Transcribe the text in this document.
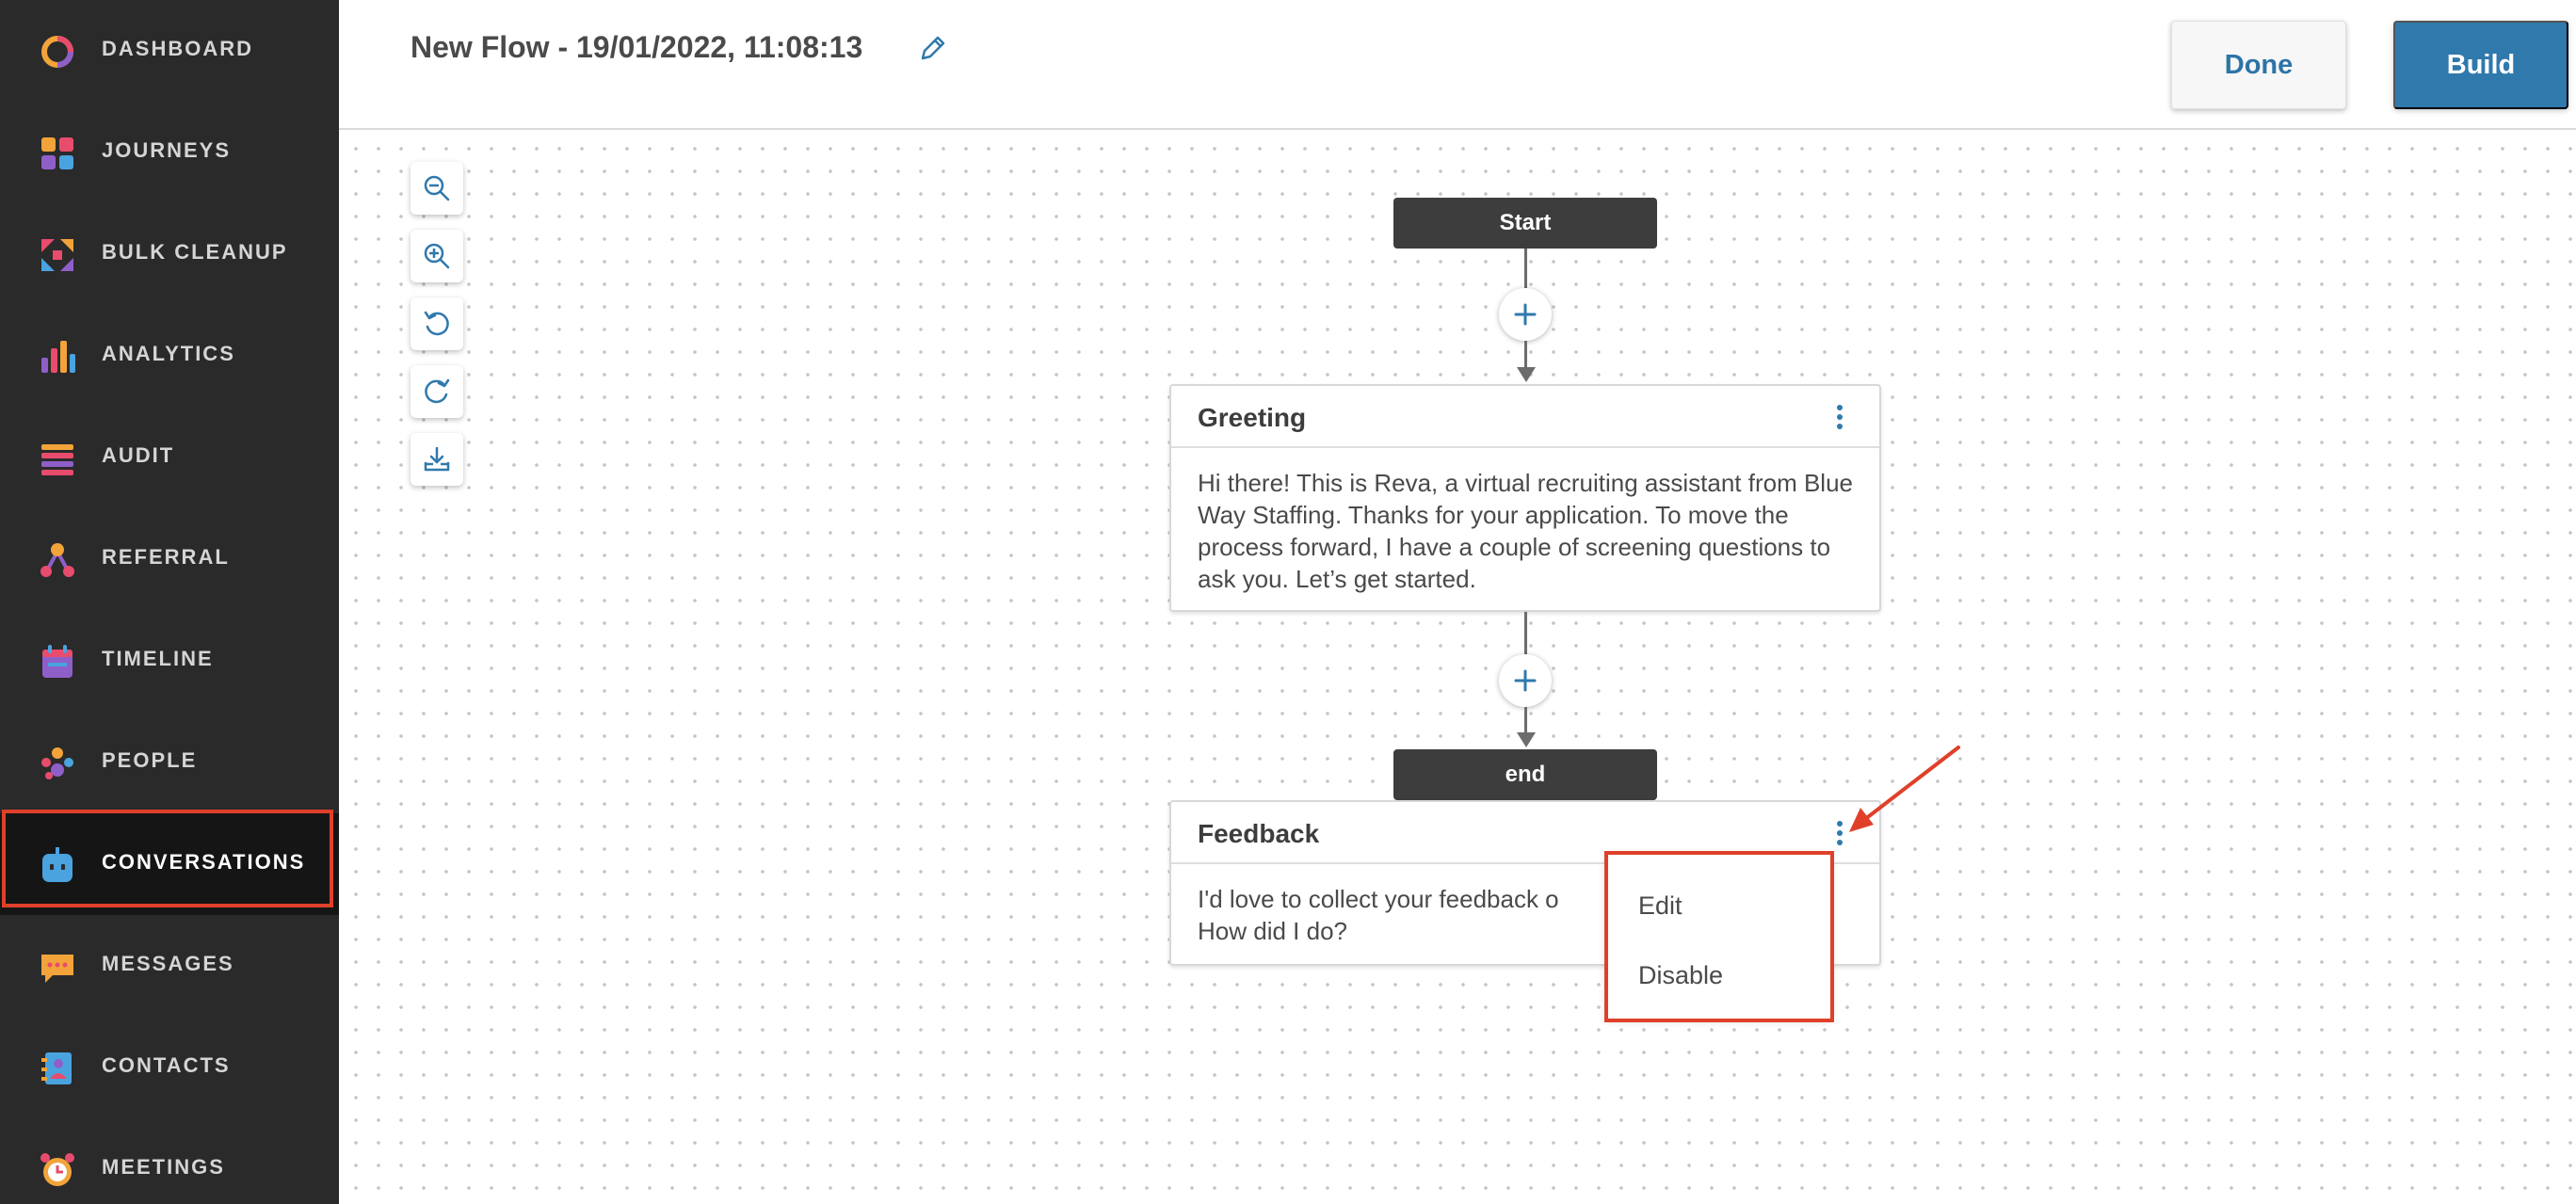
DASHBOARD
JOURNEYS
BULK CLEANUP
ANALYTICS
AUDIT
REFERRAL
TIMELINE
PEOPLE
CONVERSATIONS
MESSAGES
CONTACTS
MEETINGS
New Flow - 19/01/2022, 11:08:13
Done	Build
Start
Greeting
Hi there! This is Reva, a virtual recruiting assistant from Blue Way Staffing. Thanks for your application. To move the process forward, I have a couple of screening questions to ask you. Let’s get started.
end
Feedback
I'd love to collect your feedback o
How did I do?
Edit
Disable
